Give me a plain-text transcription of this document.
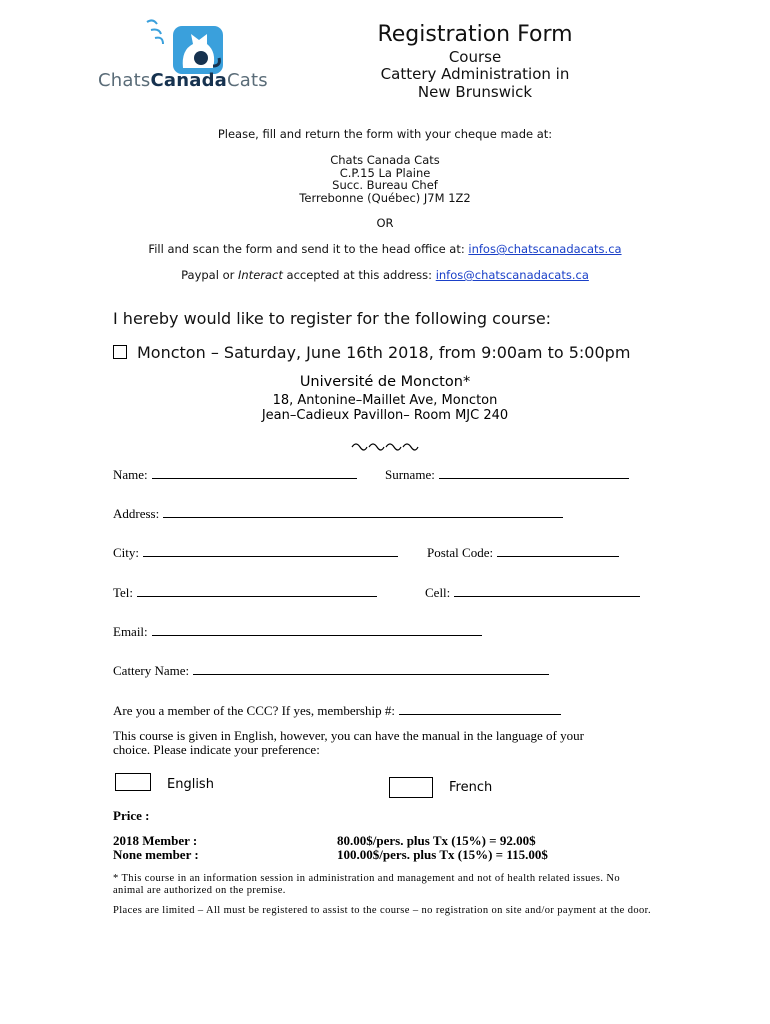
ChatsCanadaCats
Registration Form
Course
Cattery Administration in
New Brunswick
Please, fill and return the form with your cheque made at:
Chats Canada Cats
C.P.15 La Plaine
Succ. Bureau Chef
Terrebonne (Québec) J7M 1Z2
OR
Fill and scan the form and send it to the head office at: infos@chatscanadacats.ca
Paypal or Interact accepted at this address: infos@chatscanadacats.ca
I hereby would like to register for the following course:
Moncton – Saturday, June 16th 2018, from 9:00am to 5:00pm
Université de Moncton*
18, Antonine–Maillet Ave, Moncton
Jean–Cadieux Pavillon– Room MJC 240
Name:	Surname:
Address:
City:	Postal Code:
Tel:	Cell:
Email:
Cattery Name:
Are you a member of the CCC? If yes, membership #:
This course is given in English, however, you can have the manual in the language of your choice. Please indicate your preference:
English	French
Price :
2018 Member :	80.00$/pers. plus Tx (15%) = 92.00$
None member :	100.00$/pers. plus Tx (15%) = 115.00$
* This course in an information session in administration and management and not of health related issues. No animal are authorized on the premise.
Places are limited – All must be registered to assist to the course – no registration on site and/or payment at the door.
